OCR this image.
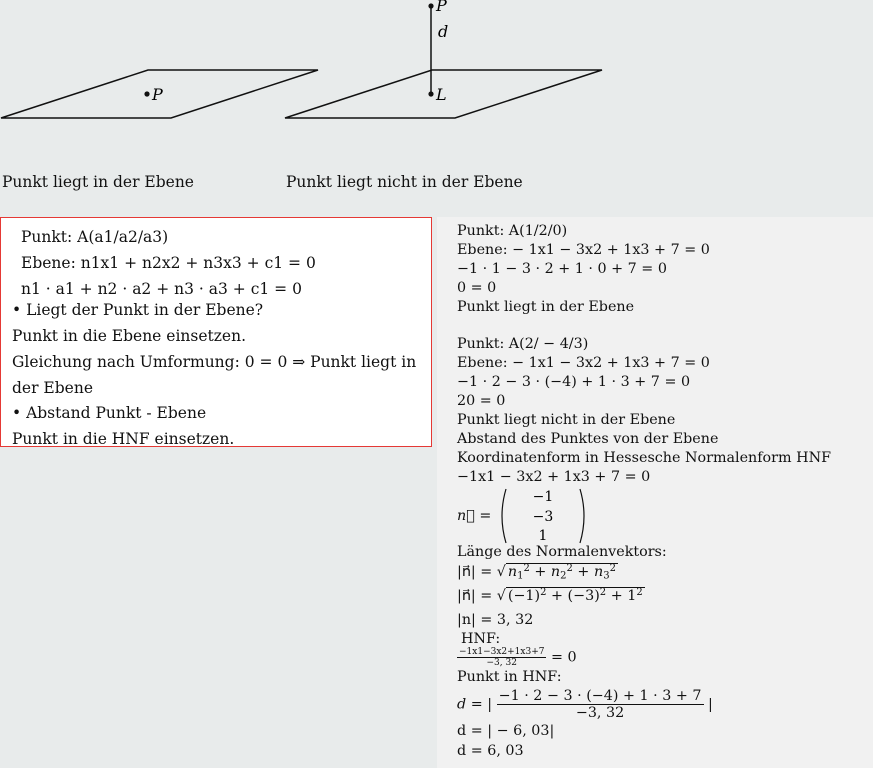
P
P
d
L
Punkt liegt in der Ebene	Punkt liegt nicht in der Ebene
Punkt: A(a1/a2/a3)
Ebene: n1x1 + n2x2 + n3x3 + c1 = 0
n1 · a1 + n2 · a2 + n3 · a3 + c1 = 0
• Liegt der Punkt in der Ebene?
Punkt in die Ebene einsetzen.
Gleichung nach Umformung: 0 = 0 ⇒ Punkt liegt in
der Ebene
• Abstand Punkt - Ebene
Punkt in die HNF einsetzen.
Punkt: A(1/2/0)
Ebene: − 1x1 − 3x2 + 1x3 + 7 = 0
−1 · 1 − 3 · 2 + 1 · 0 + 7 = 0
0 = 0
Punkt liegt in der Ebene
Punkt: A(2/ − 4/3)
Ebene: − 1x1 − 3x2 + 1x3 + 7 = 0
−1 · 2 − 3 · (−4) + 1 · 3 + 7 = 0
20 = 0
Punkt liegt nicht in der Ebene
Abstand des Punktes von der Ebene
Koordinatenform in Hessesche Normalenform HNF
−1x1 − 3x2 + 1x3 + 7 = 0
n⃗ =
−1
−3
1
Länge des Normalenvektors:
|n⃗| = √ $n_1^2 + n_2^2 + n_3^2$
|n⃗| = √ $(-1)^2 + (-3)^2 + 1^2$
|n| = 3, 32
HNF:
$\frac{-1x1-3x2+1x3+7}{-3, 32} = 0$
Punkt in HNF:
d = | $\frac{-1 \cdot 2 - 3 \cdot (-4) + 1 \cdot 3 + 7}{-3, 32}$ |
d = | − 6, 03|
d = 6, 03
